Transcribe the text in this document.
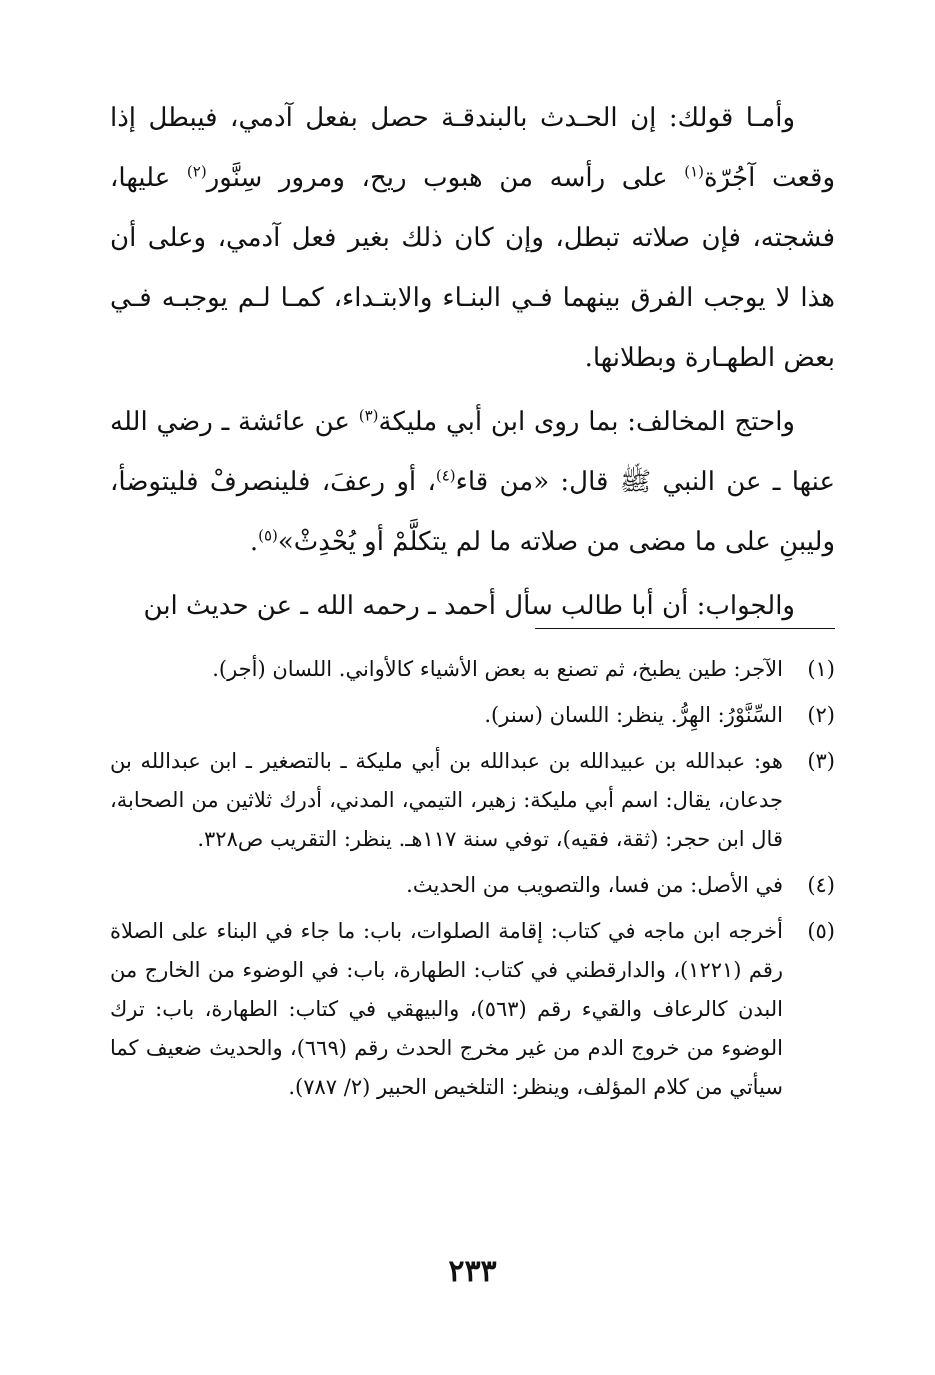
وأمـا قولك: إن الحـدث بالبندقـة حصل بفعل آدمي، فيبطل إذا وقعت آجُرّة$^{(١)}$ على رأسه من هبوب ريح، ومرور سِنَّور$^{(٢)}$ عليها، فشجته، فإن صلاته تبطل، وإن كان ذلك بغير فعل آدمي، وعلى أن هذا لا يوجب الفرق بينهما فـي البنـاء والابتـداء، كمـا لـم يوجبـه فـي بعض الطهـارة وبطلانها.

واحتج المخالف: بما روى ابن أبي مليكة$^{(٣)}$ عن عائشة ـ رضي الله عنها ـ عن النبي ﷺ قال: «من قاء$^{(٤)}$، أو رعفَ، فلينصرفْ فليتوضأ، وليبنِ على ما مضى من صلاته ما لم يتكلَّمْ أو يُحْدِثْ»$^{(٥)}$.

والجواب: أن أبا طالب سأل أحمد ـ رحمه الله ـ عن حديث ابن

(١)
الآجر: طين يطبخ، ثم تصنع به بعض الأشياء كالأواني. اللسان (أجر).
(٢)
السِّنَّوْرُ: الهِرُّ. ينظر: اللسان (سنر).
(٣)
هو: عبدالله بن عبيدالله بن عبدالله بن أبي مليكة ـ بالتصغير ـ ابن عبدالله بن جدعان، يقال: اسم أبي مليكة: زهير، التيمي، المدني، أدرك ثلاثين من الصحابة، قال ابن حجر: (ثقة، فقيه)، توفي سنة ١١٧هـ. ينظر: التقريب ص٣٢٨.
(٤)
في الأصل: من فسا، والتصويب من الحديث.
(٥)
أخرجه ابن ماجه في كتاب: إقامة الصلوات، باب: ما جاء في البناء على الصلاة رقم (١٢٢١)، والدارقطني في كتاب: الطهارة، باب: في الوضوء من الخارج من البدن كالرعاف والقيء رقم (٥٦٣)، والبيهقي في كتاب: الطهارة، باب: ترك الوضوء من خروج الدم من غير مخرج الحدث رقم (٦٦٩)، والحديث ضعيف كما سيأتي من كلام المؤلف، وينظر: التلخيص الحبير (٢/ ٧٨٧).
٢٣٣
